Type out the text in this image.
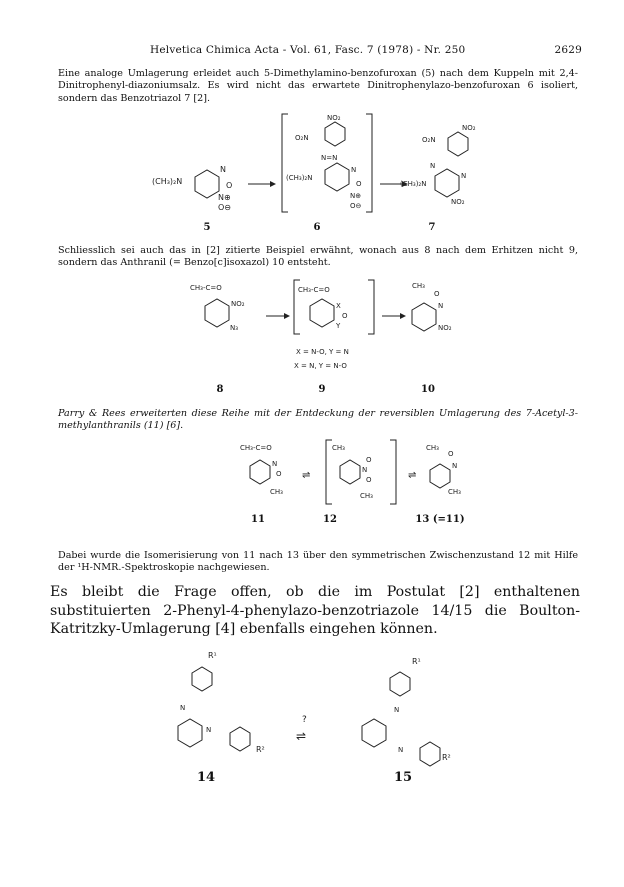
Helvetica Chimica Acta - Vol. 61, Fasc. 7 (1978) - Nr. 250	2629
Eine analoge Umlagerung erleidet auch 5-Dimethylamino-benzofuroxan (5) nach dem Kuppeln mit 2,4-Dinitrophenyl-diazoniumsalz. Es wird nicht das erwartete Dinitrophenylazo-benzofuroxan 6 isoliert, sondern das Benzotriazol 7 [2].
(CH₃)₂N
N
O
N⊕
O⊖
NO₂
O₂N
N=N
(CH₃)₂N
N
O
N⊕
O⊖
NO₂
O₂N
N
(CH₃)₂N
N
NO₂
5	6	7
Schliesslich sei auch das in [2] zitierte Beispiel erwähnt, wonach aus 8 nach dem Erhitzen nicht 9, sondern das Anthranil (= Benzo[c]isoxazol) 10 entsteht.
CH₃-C=O
NO₂
N₃
CH₃-C=O
X
O
Y
CH₃
O
N
NO₂
X = N-O, Y = N
X = N, Y = N-O
8	9	10
Parry & Rees erweiterten diese Reihe mit der Entdeckung der reversiblen Umlagerung des 7-Acetyl-3-methylanthranils (11) [6].
CH₃-C=O
N
O
CH₃
⇌
CH₃
O
N
O
CH₃
⇌
CH₃
O
N
CH₃
11	12	13 (=11)
Dabei wurde die Isomerisierung von 11 nach 13 über den symmetrischen Zwischenzustand 12 mit Hilfe der ¹H-NMR.-Spektroskopie nachgewiesen.
Es bleibt die Frage offen, ob die im Postulat [2] enthaltenen substituierten 2-Phenyl-4-phenylazo-benzotriazole 14/15 die Boulton-Katritzky-Umlagerung [4] ebenfalls eingehen können.
R¹
N
N
R²
?
⇌
R¹
N
N
R²
14	15
